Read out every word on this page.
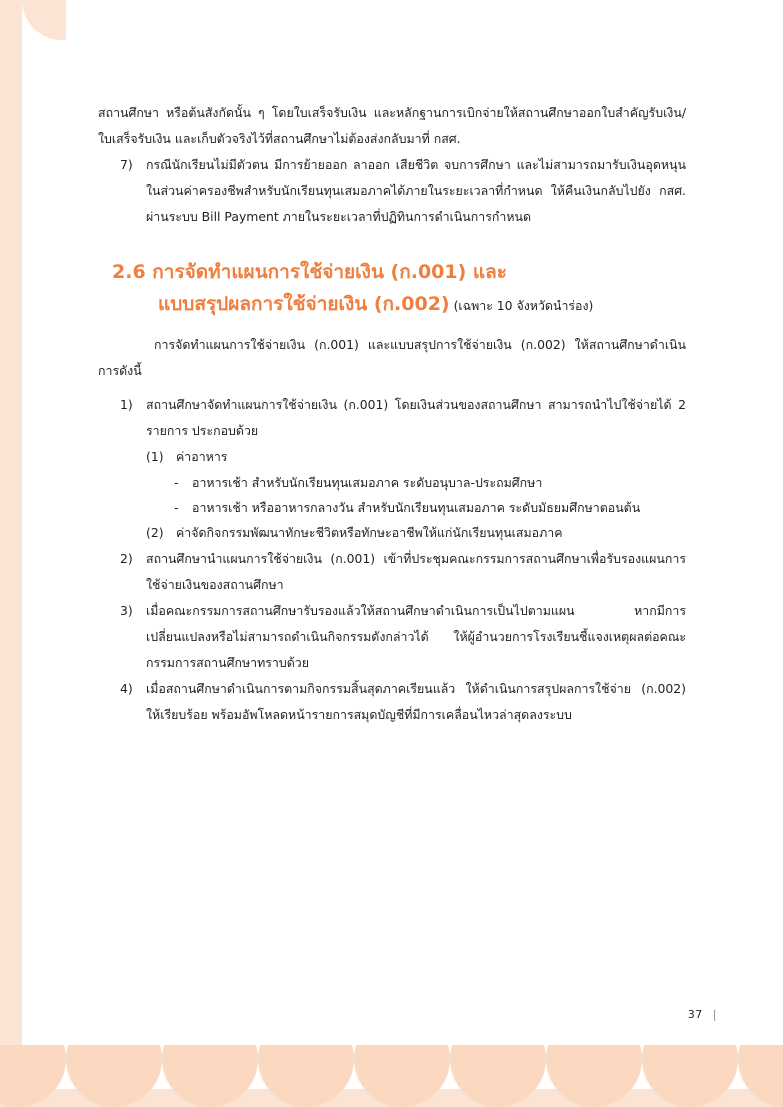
สถานศึกษา หรือต้นสังกัดนั้น ๆ โดยใบเสร็จรับเงิน และหลักฐานการเบิกจ่ายให้สถานศึกษาออกใบสำคัญรับเงิน/ใบเสร็จรับเงิน และเก็บตัวจริงไว้ที่สถานศึกษาไม่ต้องส่งกลับมาที่ กสศ.

7)	กรณีนักเรียนไม่มีตัวตน มีการย้ายออก ลาออก เสียชีวิต จบการศึกษา และไม่สามารถมารับเงินอุดหนุนในส่วนค่าครองชีพสำหรับนักเรียนทุนเสมอภาคได้ภายในระยะเวลาที่กำหนด ให้คืนเงินกลับไปยัง กสศ. ผ่านระบบ Bill Payment ภายในระยะเวลาที่ปฏิทินการดำเนินการกำหนด
2.6 การจัดทำแผนการใช้จ่ายเงิน (ก.001) และ
แบบสรุปผลการใช้จ่ายเงิน (ก.002) (เฉพาะ 10 จังหวัดนำร่อง)

การจัดทำแผนการใช้จ่ายเงิน (ก.001) และแบบสรุปการใช้จ่ายเงิน (ก.002) ให้สถานศึกษาดำเนินการดังนี้

1)	สถานศึกษาจัดทำแผนการใช้จ่ายเงิน (ก.001) โดยเงินส่วนของสถานศึกษา สามารถนำไปใช้จ่ายได้ 2 รายการ ประกอบด้วย
(1)	ค่าอาหาร
-	อาหารเช้า สำหรับนักเรียนทุนเสมอภาค ระดับอนุบาล-ประถมศึกษา
-	อาหารเช้า หรืออาหารกลางวัน สำหรับนักเรียนทุนเสมอภาค ระดับมัธยมศึกษาตอนต้น
(2)	ค่าจัดกิจกรรมพัฒนาทักษะชีวิตหรือทักษะอาชีพให้แก่นักเรียนทุนเสมอภาค
2)	สถานศึกษานำแผนการใช้จ่ายเงิน (ก.001) เข้าที่ประชุมคณะกรรมการสถานศึกษาเพื่อรับรองแผนการใช้จ่ายเงินของสถานศึกษา
3)	เมื่อคณะกรรมการสถานศึกษารับรองแล้วให้สถานศึกษาดำเนินการเป็นไปตามแผน หากมีการเปลี่ยนแปลงหรือไม่สามารถดำเนินกิจกรรมดังกล่าวได้ ให้ผู้อำนวยการโรงเรียนชี้แจงเหตุผลต่อคณะกรรมการสถานศึกษาทราบด้วย
4)	เมื่อสถานศึกษาดำเนินการตามกิจกรรมสิ้นสุดภาคเรียนแล้ว ให้ดำเนินการสรุปผลการใช้จ่าย (ก.002) ให้เรียบร้อย พร้อมอัพโหลดหน้ารายการสมุดบัญชีที่มีการเคลื่อนไหวล่าสุดลงระบบ
37 |
